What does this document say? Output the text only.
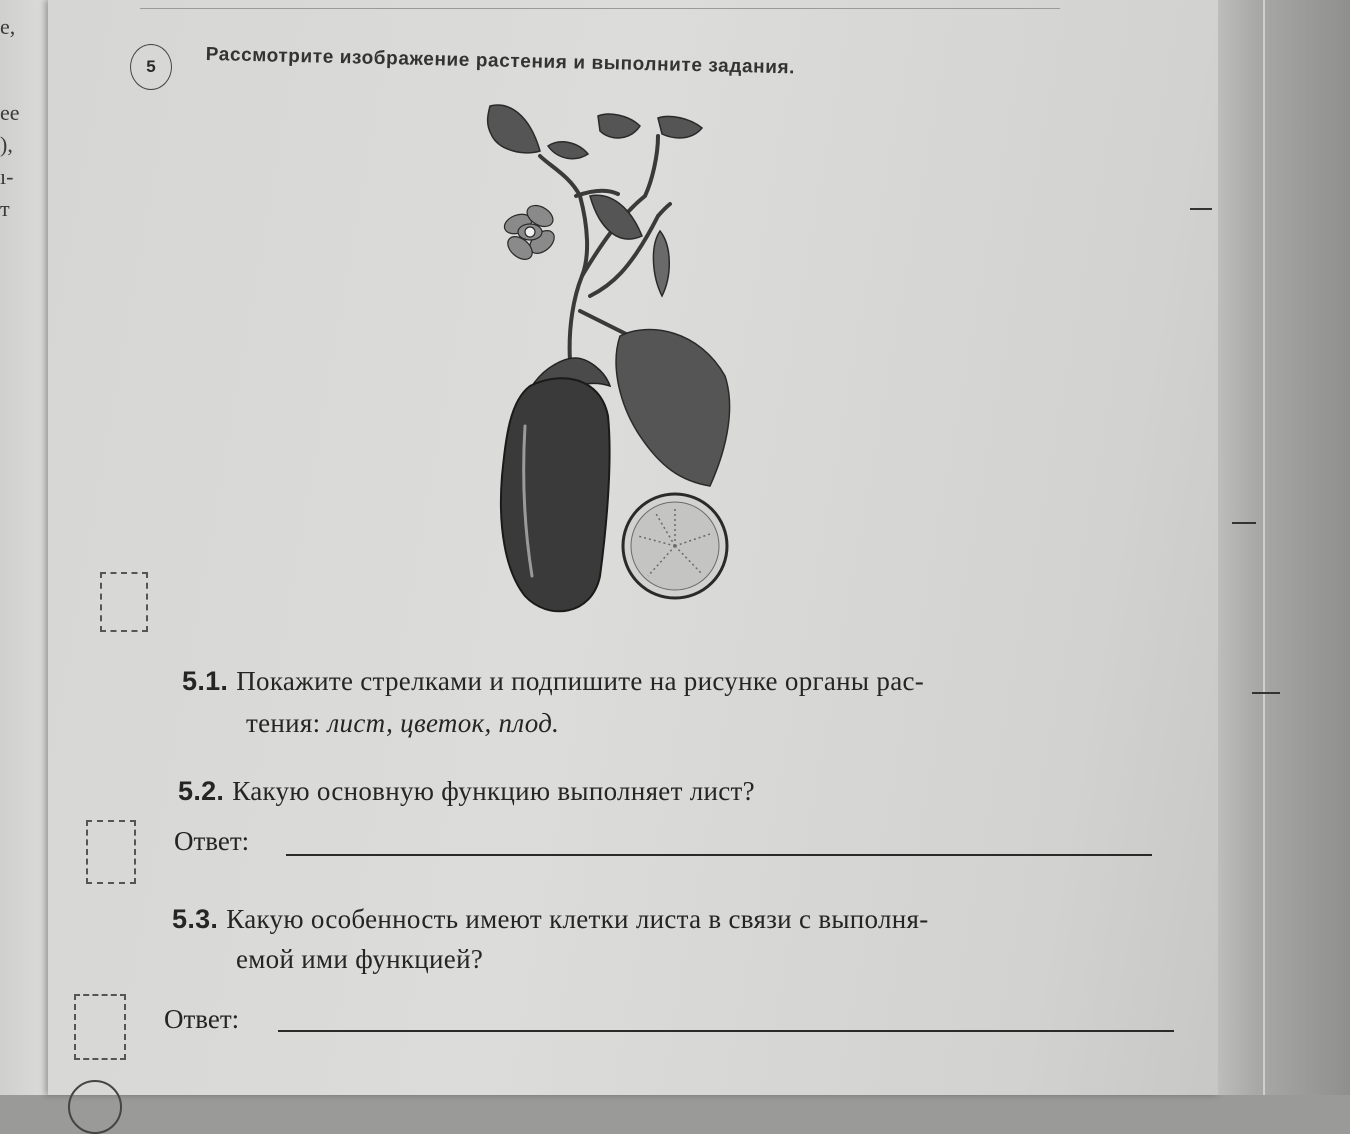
e,
ее
),
ı-
т
5	Рассмотрите изображение растения и выполните задания.
5.1. Покажите стрелками и подпишите на рисунке органы рас-
тения: лист, цветок, плод.
5.2. Какую основную функцию выполняет лист?
Ответ:
5.3. Какую особенность имеют клетки листа в связи с выполня-
емой ими функцией?
Ответ:
